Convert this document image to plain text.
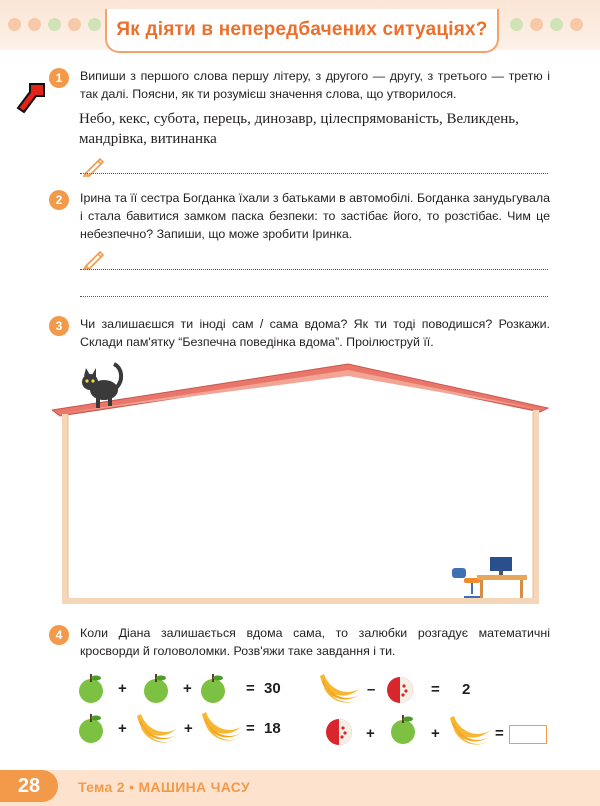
Як діяти в непередбачених ситуаціях?
1	Випиши з першого слова першу літеру, з другого — другу, з третього — третю і так далі. Поясни, як ти розумієш значення слова, що утворилося.
Небо, кекс, субота, перець, динозавр, цілеспрямованість, Великдень, мандрівка, витинанка
2	Ірина та її сестра Богданка їхали з батьками в автомобілі. Богданка занудьгувала і стала бавитися замком паска безпеки: то застібає його, то розстібає. Чим це небезпечно? Запиши, що може зробити Іринка.
3	Чи залишаєшся ти іноді сам / сама вдома? Як ти тоді поводишся? Розкажи. Склади пам'ятку “Безпечна поведінка вдома”. Проілюструй її.
4	Коли Діана залишається вдома сама, то залюбки розгадує математичні кросворди й головоломки. Розв'яжи таке завдання і ти.
+	+	= 30
+	+	= 18
–	= 2
+	+	=
28	Тема 2 • МАШИНА ЧАСУ
